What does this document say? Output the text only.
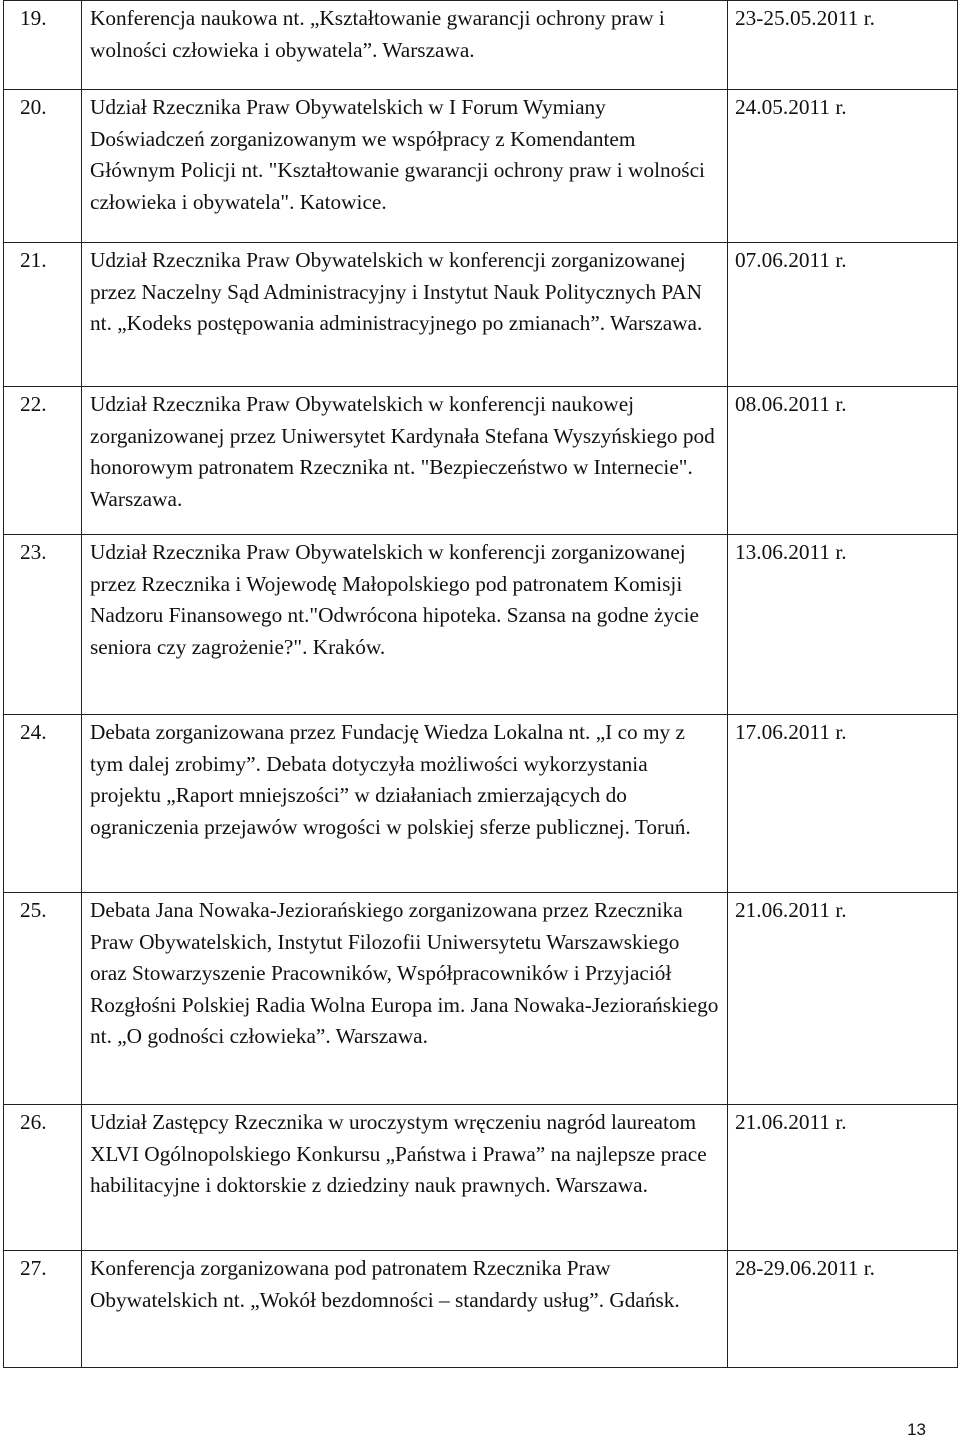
19.	Konferencja naukowa nt. „Kształtowanie gwarancji ochrony praw i wolności człowieka i obywatela”. Warszawa.	23-25.05.2011 r.
20.	Udział Rzecznika Praw Obywatelskich w I Forum Wymiany Doświadczeń zorganizowanym we współpracy z Komendantem Głównym Policji nt. "Kształtowanie gwarancji ochrony praw i wolności człowieka i obywatela". Katowice.	24.05.2011 r.
21.	Udział Rzecznika Praw Obywatelskich w konferencji zorganizowanej przez Naczelny Sąd Administracyjny i Instytut Nauk Politycznych PAN nt. „Kodeks postępowania administracyjnego po zmianach”. Warszawa.	07.06.2011 r.
22.	Udział Rzecznika Praw Obywatelskich w konferencji naukowej zorganizowanej przez Uniwersytet Kardynała Stefana Wyszyńskiego pod honorowym patronatem Rzecznika nt. "Bezpieczeństwo w Internecie". Warszawa.	08.06.2011 r.
23.	Udział Rzecznika Praw Obywatelskich w konferencji zorganizowanej przez Rzecznika i Wojewodę Małopolskiego pod patronatem Komisji Nadzoru Finansowego nt."Odwrócona hipoteka. Szansa na godne życie seniora czy zagrożenie?". Kraków.	13.06.2011 r.
24.	Debata zorganizowana przez Fundację Wiedza Lokalna nt. „I co my z tym dalej zrobimy”. Debata dotyczyła możliwości wykorzystania projektu „Raport mniejszości” w działaniach zmierzających do ograniczenia przejawów wrogości w polskiej sferze publicznej. Toruń.	17.06.2011 r.
25.	Debata Jana Nowaka-Jeziorańskiego zorganizowana przez Rzecznika Praw Obywatelskich, Instytut Filozofii Uniwersytetu Warszawskiego oraz Stowarzyszenie Pracowników, Współpracowników i Przyjaciół Rozgłośni Polskiej Radia Wolna Europa im. Jana Nowaka-Jeziorańskiego nt. „O godności człowieka”. Warszawa.	21.06.2011 r.
26.	Udział Zastępcy Rzecznika w uroczystym wręczeniu nagród laureatom XLVI Ogólnopolskiego Konkursu „Państwa i Prawa” na najlepsze prace habilitacyjne i doktorskie z dziedziny nauk prawnych. Warszawa.	21.06.2011 r.
27.	Konferencja zorganizowana pod patronatem Rzecznika Praw Obywatelskich nt. „Wokół bezdomności – standardy usług”. Gdańsk.	28-29.06.2011 r.
13
